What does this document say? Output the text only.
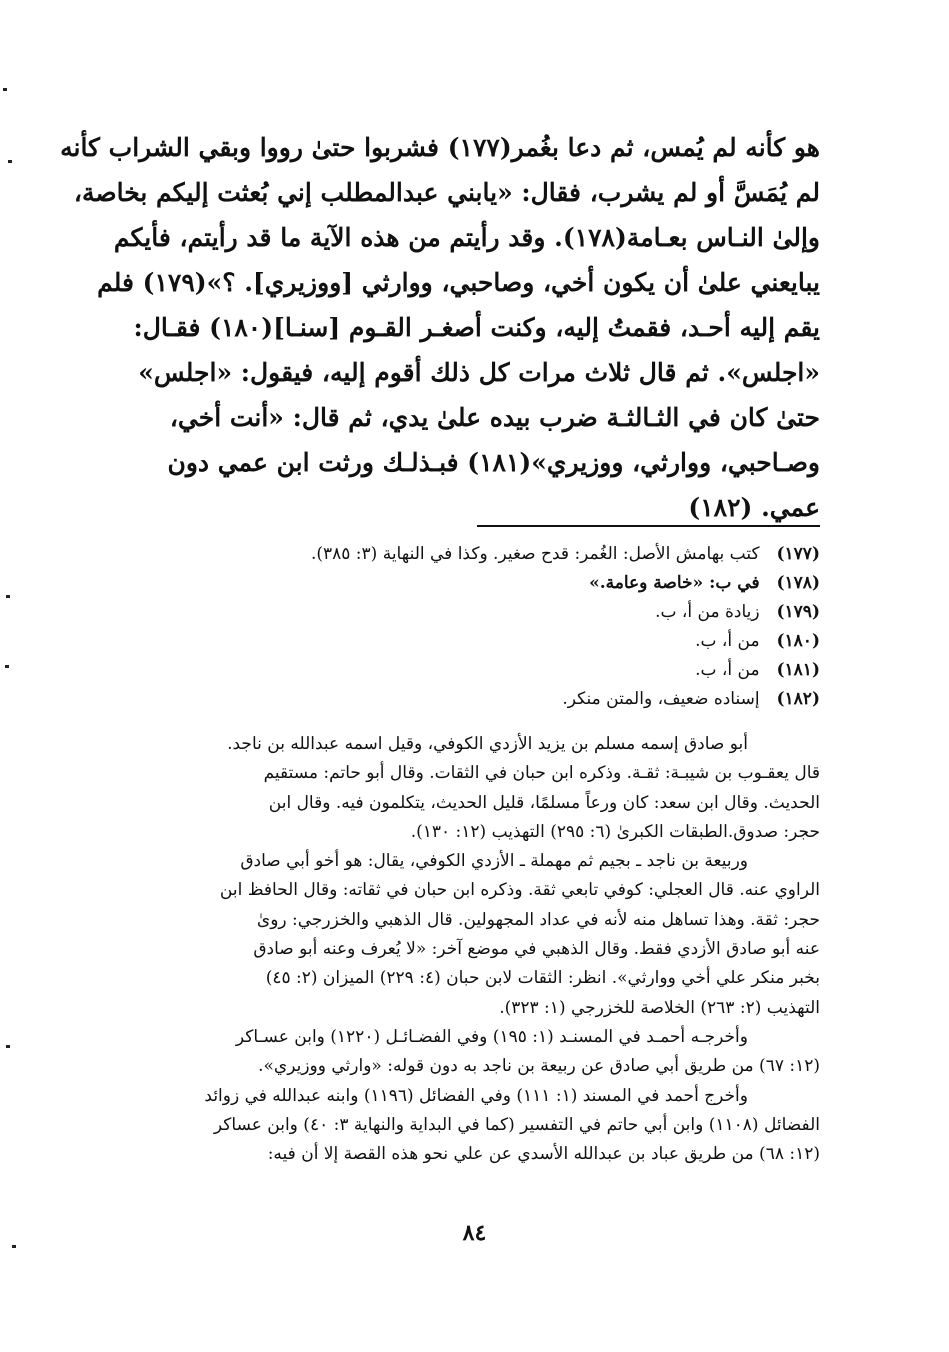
هو كأنه لم يُمس، ثم دعا بغُمر(١٧٧) فشربوا حتىٰ رووا وبقي الشراب كأنه
لم يُمَسَّ أو لم يشرب، فقال: «يابني عبدالمطلب إني بُعثت إليكم بخاصة،
وإلىٰ النـاس بعـامة(١٧٨). وقد رأيتم من هذه الآية ما قد رأيتم، فأيكم
يبايعني علىٰ أن يكون أخي، وصاحبي، ووارثي [ووزيري]. ؟»(١٧٩) فلم
يقم إليه أحـد، فقمتُ إليه، وكنت أصغـر القـوم [سنـا](١٨٠) فقـال:
«اجلس». ثم قال ثلاث مرات كل ذلك أقوم إليه، فيقول: «اجلس»
حتىٰ كان في الثـالثـة ضرب بيده علىٰ يدي، ثم قال: «أنت أخي،
وصـاحبي، ووارثي، ووزيري»(١٨١) فبـذلـك ورثت ابن عمي دون
عمي. (١٨٢)
(١٧٧) كتب بهامش الأصل: الغُمر: قدح صغير. وكذا في النهاية (٣: ٣٨٥).
(١٧٨) في ب: «خاصة وعامة.»
(١٧٩) زيادة من أ، ب.
(١٨٠) من أ، ب.
(١٨١) من أ، ب.
(١٨٢) إسناده ضعيف، والمتن منكر.
أبو صادق إسمه مسلم بن يزيد الأزدي الكوفي، وقيل اسمه عبدالله بن ناجد.
قال يعقـوب بن شيبـة: ثقـة. وذكره ابن حبان في الثقات. وقال أبو حاتم: مستقيم
الحديث. وقال ابن سعد: كان ورعاً مسلمًا، قليل الحديث، يتكلمون فيه. وقال ابن
حجر: صدوق.الطبقات الكبرىٰ (٦: ٢٩٥) التهذيب (١٢: ١٣٠).
وربيعة بن ناجد ـ بجيم ثم مهملة ـ الأزدي الكوفي، يقال: هو أخو أبي صادق
الراوي عنه. قال العجلي: كوفي تابعي ثقة. وذكره ابن حبان في ثقاته: وقال الحافظ ابن
حجر: ثقة. وهذا تساهل منه لأنه في عداد المجهولين. قال الذهبي والخزرجي: روىٰ
عنه أبو صادق الأزدي فقط. وقال الذهبي في موضع آخر: «لا يُعرف وعنه أبو صادق
بخبر منكر علي أخي ووارثي». انظر: الثقات لابن حبان (٤: ٢٢٩) الميزان (٢: ٤٥)
التهذيب (٢: ٢٦٣) الخلاصة للخزرجي (١: ٣٢٣).
وأخرجـه أحمـد في المسنـد (١: ١٩٥) وفي الفضـائـل (١٢٢٠) وابن عسـاكر
(١٢: ٦٧) من طريق أبي صادق عن ربيعة بن ناجد به دون قوله: «وارثي ووزيري».
وأخرج أحمد في المسند (١: ١١١) وفي الفضائل (١١٩٦) وابنه عبدالله في زوائد
الفضائل (١١٠٨) وابن أبي حاتم في التفسير (كما في البداية والنهاية ٣: ٤٠) وابن عساكر
(١٢: ٦٨) من طريق عباد بن عبدالله الأسدي عن علي نحو هذه القصة إلا أن فيه:
٨٤
